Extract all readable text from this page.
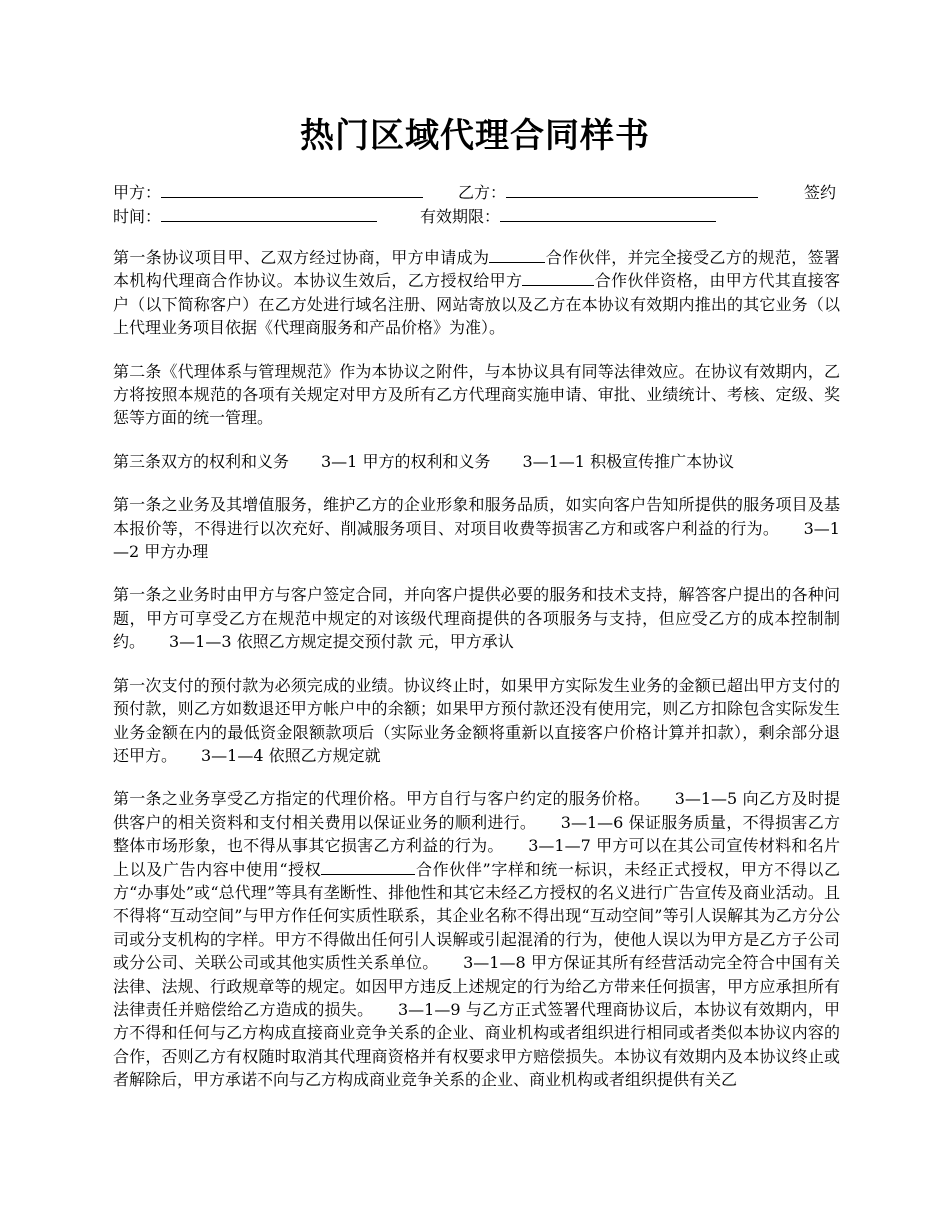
热门区域代理合同样书
甲方：	乙方：	签约
时间：	有效期限：

第一条协议项目甲、乙双方经过协商，甲方申请成为	合作伙伴，并完全接受乙方的规范，签署本机构代理商合作协议。本协议生效后，乙方授权给甲方	合作伙伴资格，由甲方代其直接客户（以下简称客户）在乙方处进行域名注册、网站寄放以及乙方在本协议有效期内推出的其它业务（以上代理业务项目依据《代理商服务和产品价格》为准）。

第二条《代理体系与管理规范》作为本协议之附件，与本协议具有同等法律效应。在协议有效期内，乙方将按照本规范的各项有关规定对甲方及所有乙方代理商实施申请、审批、业绩统计、考核、定级、奖惩等方面的统一管理。

第三条双方的权利和义务　　3—1 甲方的权利和义务　　3—1—1 积极宣传推广本协议

第一条之业务及其增值服务，维护乙方的企业形象和服务品质，如实向客户告知所提供的服务项目及基本报价等，不得进行以次充好、削减服务项目、对项目收费等损害乙方和或客户利益的行为。　　3—1—2 甲方办理

第一条之业务时由甲方与客户签定合同，并向客户提供必要的服务和技术支持，解答客户提出的各种问题，甲方可享受乙方在规范中规定的对该级代理商提供的各项服务与支持，但应受乙方的成本控制制约。　　3—1—3 依照乙方规定提交预付款 元，甲方承认

第一次支付的预付款为必须完成的业绩。协议终止时，如果甲方实际发生业务的金额已超出甲方支付的预付款，则乙方如数退还甲方帐户中的余额；如果甲方预付款还没有使用完，则乙方扣除包含实际发生业务金额在内的最低资金限额款项后（实际业务金额将重新以直接客户价格计算并扣款），剩余部分退还甲方。　　3—1—4 依照乙方规定就

第一条之业务享受乙方指定的代理价格。甲方自行与客户约定的服务价格。　　3—1—5 向乙方及时提供客户的相关资料和支付相关费用以保证业务的顺利进行。　　3—1—6 保证服务质量，不得损害乙方整体市场形象，也不得从事其它损害乙方利益的行为。　　3—1—7 甲方可以在其公司宣传材料和名片上以及广告内容中使用“授权	合作伙伴”字样和统一标识，未经正式授权，甲方不得以乙方“办事处”或“总代理”等具有垄断性、排他性和其它未经乙方授权的名义进行广告宣传及商业活动。且不得将“互动空间”与甲方作任何实质性联系，其企业名称不得出现“互动空间”等引人误解其为乙方分公司或分支机构的字样。甲方不得做出任何引人误解或引起混淆的行为，使他人误以为甲方是乙方子公司或分公司、关联公司或其他实质性关系单位。　　3—1—8 甲方保证其所有经营活动完全符合中国有关法律、法规、行政规章等的规定。如因甲方违反上述规定的行为给乙方带来任何损害，甲方应承担所有法律责任并赔偿给乙方造成的损失。　　3—1—9 与乙方正式签署代理商协议后，本协议有效期内，甲方不得和任何与乙方构成直接商业竞争关系的企业、商业机构或者组织进行相同或者类似本协议内容的合作，否则乙方有权随时取消其代理商资格并有权要求甲方赔偿损失。本协议有效期内及本协议终止或者解除后，甲方承诺不向与乙方构成商业竞争关系的企业、商业机构或者组织提供有关乙
